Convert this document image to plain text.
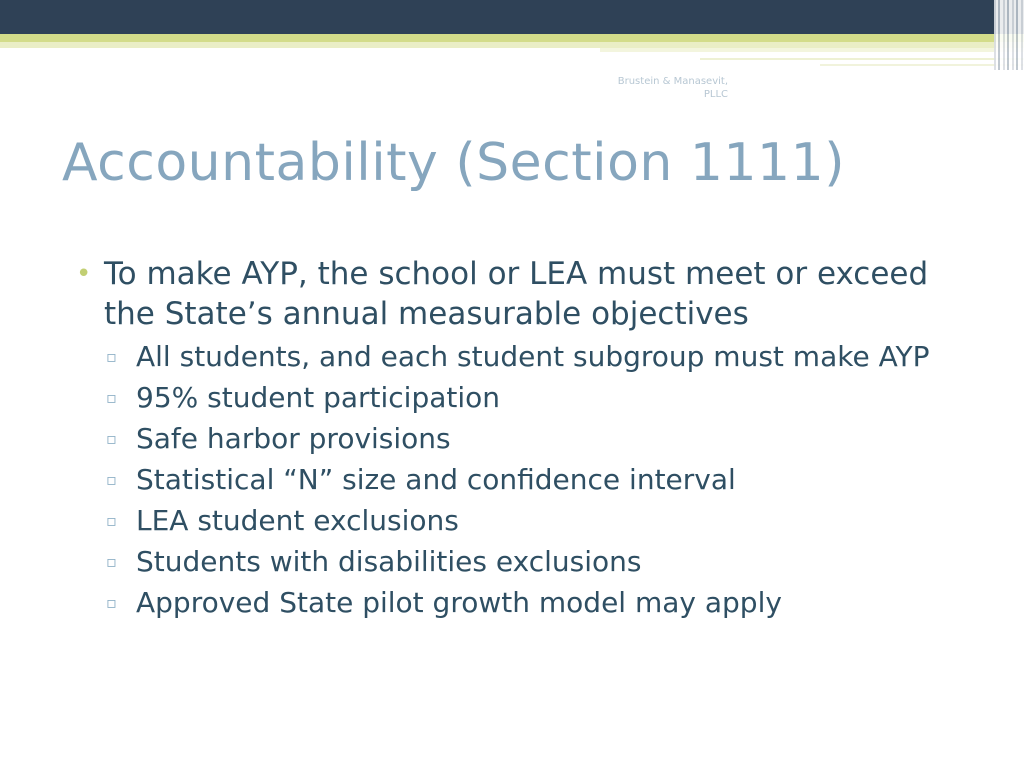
Brustein & Manasevit,
PLLC
Accountability (Section 1111)

• To make AYP, the school or LEA must meet or exceed the State’s annual measurable objectives

▫ All students, and each student subgroup must make AYP
▫ 95% student participation
▫ Safe harbor provisions
▫ Statistical “N” size and confidence interval
▫ LEA student exclusions
▫ Students with disabilities exclusions
▫ Approved State pilot growth model may apply
